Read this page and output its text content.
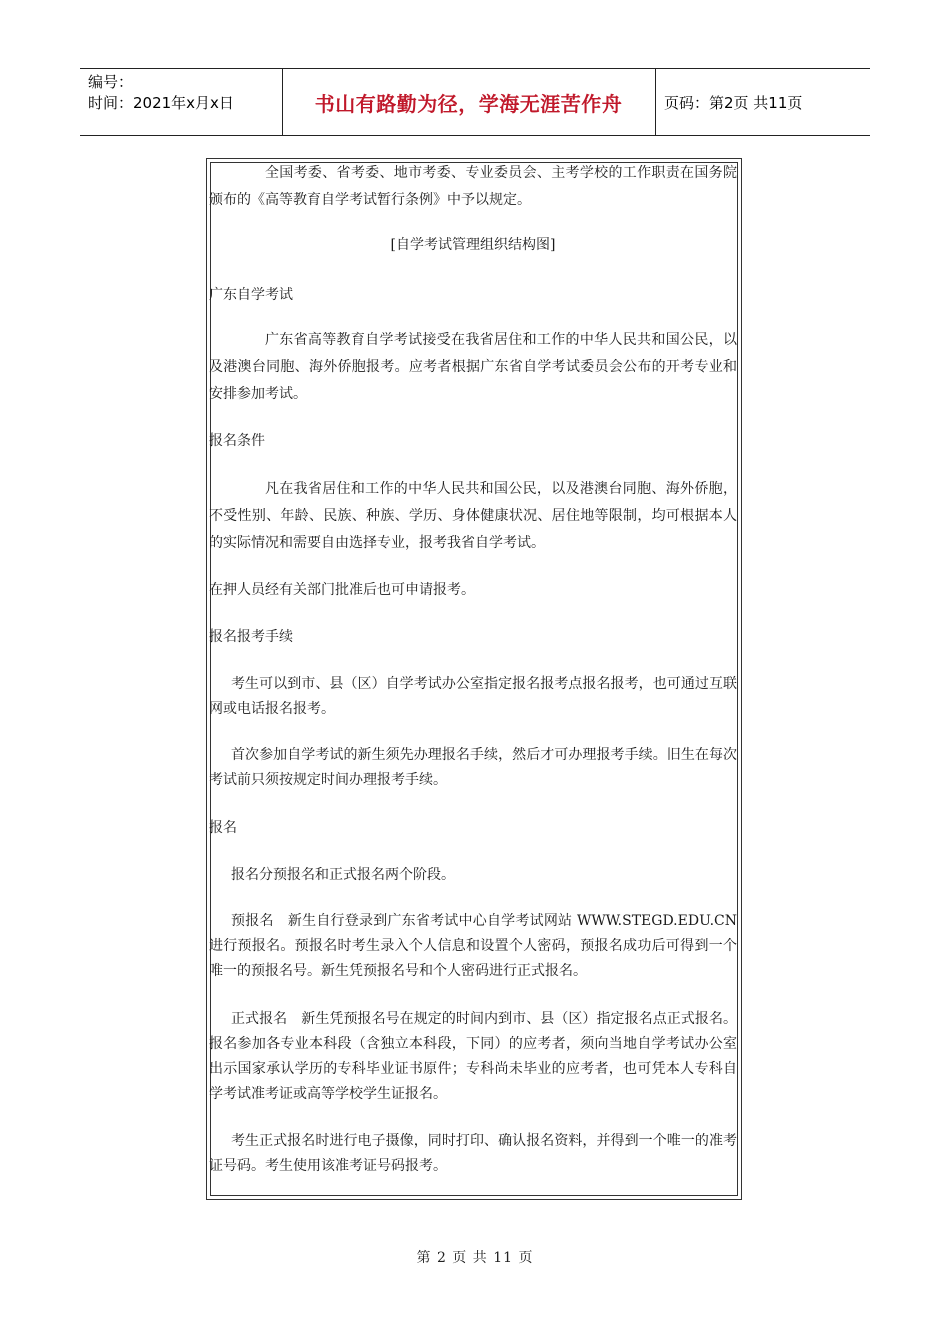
编号：
时间：2021年x月x日	书山有路勤为径，学海无涯苦作舟	页码：第2页 共11页

全国考委、省考委、地市考委、专业委员会、主考学校的工作职责在国务院颁布的《高等教育自学考试暂行条例》中予以规定。

[自学考试管理组织结构图]

广东自学考试

广东省高等教育自学考试接受在我省居住和工作的中华人民共和国公民，以及港澳台同胞、海外侨胞报考。应考者根据广东省自学考试委员会公布的开考专业和安排参加考试。

报名条件

凡在我省居住和工作的中华人民共和国公民，以及港澳台同胞、海外侨胞，不受性别、年龄、民族、种族、学历、身体健康状况、居住地等限制，均可根据本人的实际情况和需要自由选择专业，报考我省自学考试。

在押人员经有关部门批准后也可申请报考。

报名报考手续

考生可以到市、县（区）自学考试办公室指定报名报考点报名报考，也可通过互联网或电话报名报考。

首次参加自学考试的新生须先办理报名手续，然后才可办理报考手续。旧生在每次考试前只须按规定时间办理报考手续。

报名

报名分预报名和正式报名两个阶段。

预报名　新生自行登录到广东省考试中心自学考试网站 WWW.STEGD.EDU.CN 进行预报名。预报名时考生录入个人信息和设置个人密码，预报名成功后可得到一个唯一的预报名号。新生凭预报名号和个人密码进行正式报名。

正式报名　新生凭预报名号在规定的时间内到市、县（区）指定报名点正式报名。报名参加各专业本科段（含独立本科段，下同）的应考者，须向当地自学考试办公室出示国家承认学历的专科毕业证书原件；专科尚未毕业的应考者，也可凭本人专科自学考试准考证或高等学校学生证报名。

考生正式报名时进行电子摄像，同时打印、确认报名资料，并得到一个唯一的准考证号码。考生使用该准考证号码报考。

第 2 页 共 11 页
